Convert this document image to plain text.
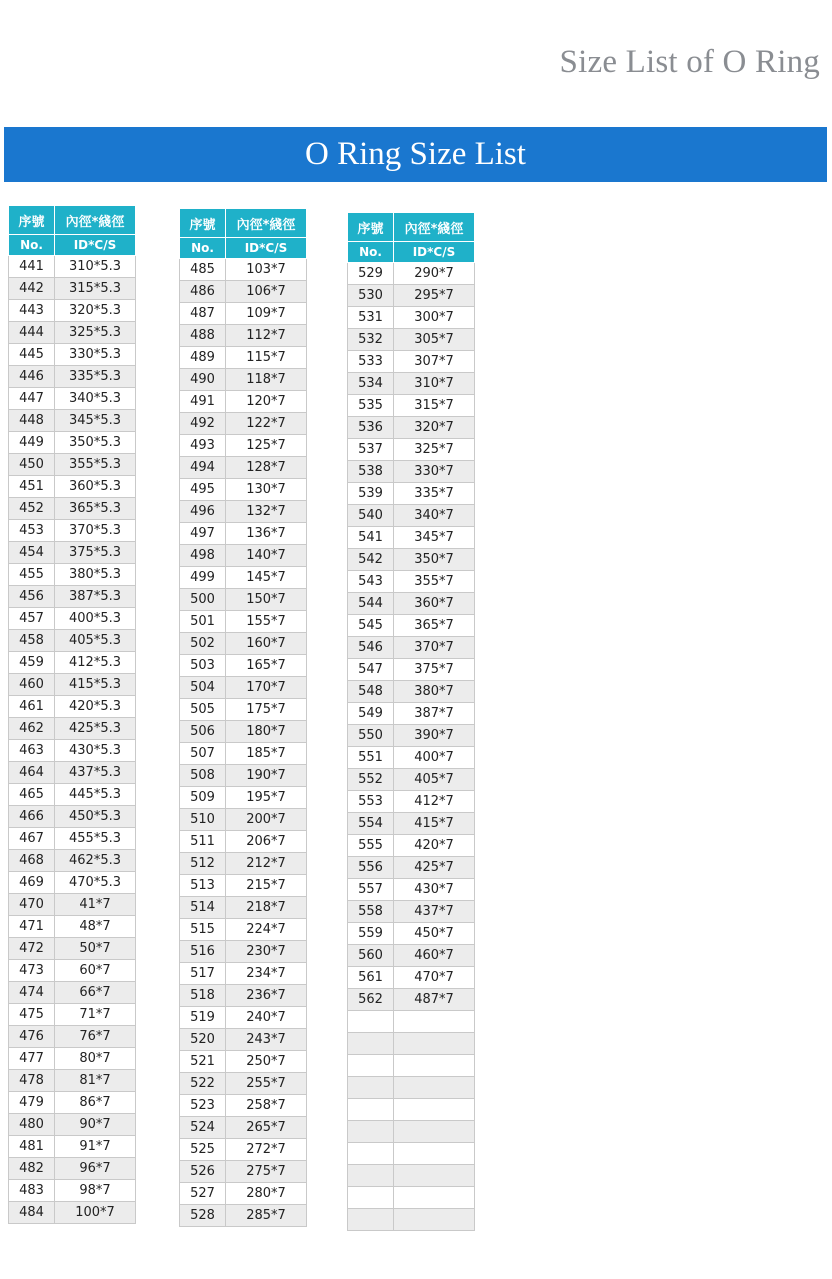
Size List of O Ring
O Ring Size List
序號	內徑*綫徑
No.	ID*C/S
441	310*5.3
442	315*5.3
443	320*5.3
444	325*5.3
445	330*5.3
446	335*5.3
447	340*5.3
448	345*5.3
449	350*5.3
450	355*5.3
451	360*5.3
452	365*5.3
453	370*5.3
454	375*5.3
455	380*5.3
456	387*5.3
457	400*5.3
458	405*5.3
459	412*5.3
460	415*5.3
461	420*5.3
462	425*5.3
463	430*5.3
464	437*5.3
465	445*5.3
466	450*5.3
467	455*5.3
468	462*5.3
469	470*5.3
470	41*7
471	48*7
472	50*7
473	60*7
474	66*7
475	71*7
476	76*7
477	80*7
478	81*7
479	86*7
480	90*7
481	91*7
482	96*7
483	98*7
484	100*7
序號	內徑*綫徑
No.	ID*C/S
485	103*7
486	106*7
487	109*7
488	112*7
489	115*7
490	118*7
491	120*7
492	122*7
493	125*7
494	128*7
495	130*7
496	132*7
497	136*7
498	140*7
499	145*7
500	150*7
501	155*7
502	160*7
503	165*7
504	170*7
505	175*7
506	180*7
507	185*7
508	190*7
509	195*7
510	200*7
511	206*7
512	212*7
513	215*7
514	218*7
515	224*7
516	230*7
517	234*7
518	236*7
519	240*7
520	243*7
521	250*7
522	255*7
523	258*7
524	265*7
525	272*7
526	275*7
527	280*7
528	285*7
序號	內徑*綫徑
No.	ID*C/S
529	290*7
530	295*7
531	300*7
532	305*7
533	307*7
534	310*7
535	315*7
536	320*7
537	325*7
538	330*7
539	335*7
540	340*7
541	345*7
542	350*7
543	355*7
544	360*7
545	365*7
546	370*7
547	375*7
548	380*7
549	387*7
550	390*7
551	400*7
552	405*7
553	412*7
554	415*7
555	420*7
556	425*7
557	430*7
558	437*7
559	450*7
560	460*7
561	470*7
562	487*7
